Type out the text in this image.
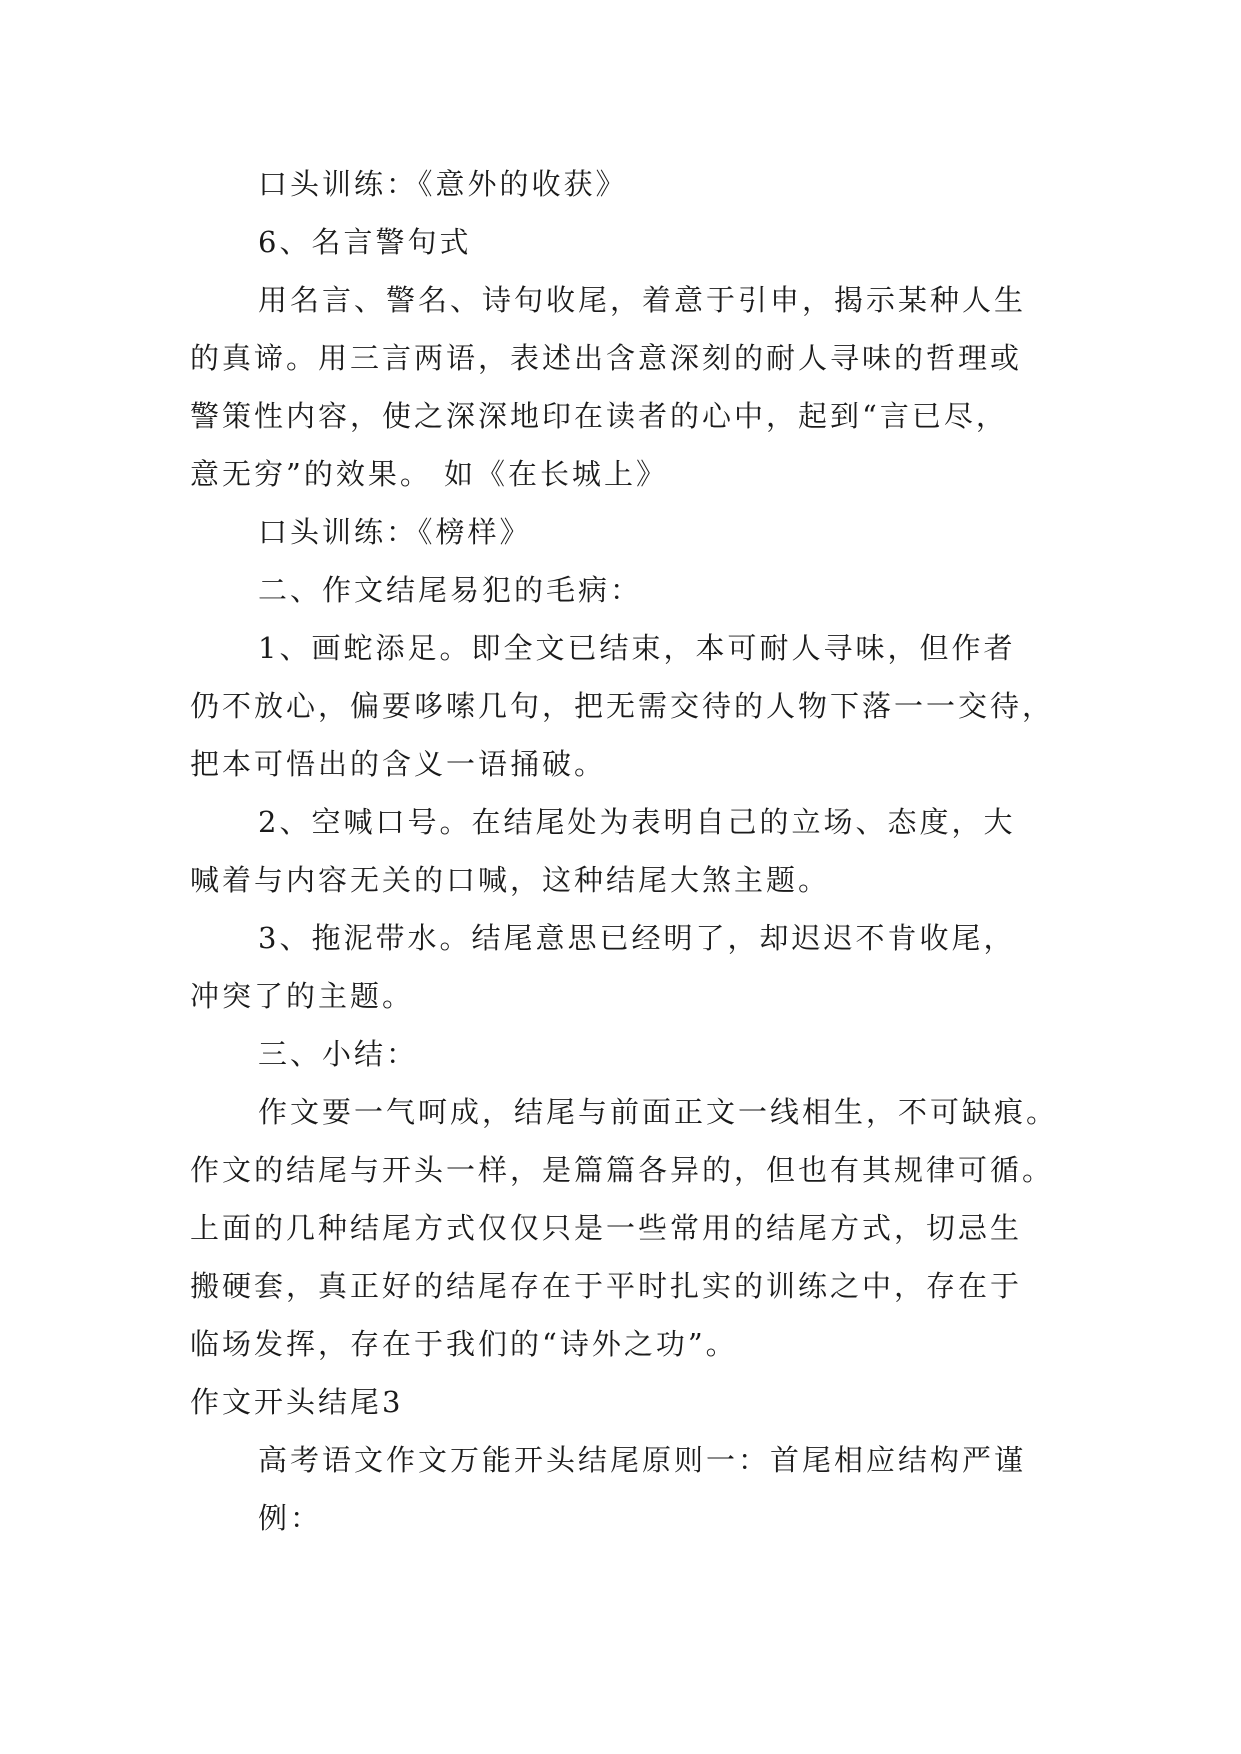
口头训练：《意外的收获》
6、名言警句式
用名言、警名、诗句收尾，着意于引申，揭示某种人生
的真谛。用三言两语，表述出含意深刻的耐人寻味的哲理或
警策性内容，使之深深地印在读者的心中，起到“言已尽，
意无穷”的效果。 如《在长城上》
口头训练：《榜样》
二、作文结尾易犯的毛病：
1、画蛇添足。即全文已结束，本可耐人寻味，但作者
仍不放心，偏要哆嗦几句，把无需交待的人物下落一一交待，
把本可悟出的含义一语捅破。
2、空喊口号。在结尾处为表明自己的立场、态度，大
喊着与内容无关的口喊，这种结尾大煞主题。
3、拖泥带水。结尾意思已经明了，却迟迟不肯收尾，
冲突了的主题。
三、小结：
作文要一气呵成，结尾与前面正文一线相生，不可缺痕。
作文的结尾与开头一样，是篇篇各异的，但也有其规律可循。
上面的几种结尾方式仅仅只是一些常用的结尾方式，切忌生
搬硬套，真正好的结尾存在于平时扎实的训练之中，存在于
临场发挥，存在于我们的“诗外之功”。
作文开头结尾3
高考语文作文万能开头结尾原则一：首尾相应结构严谨
例：
